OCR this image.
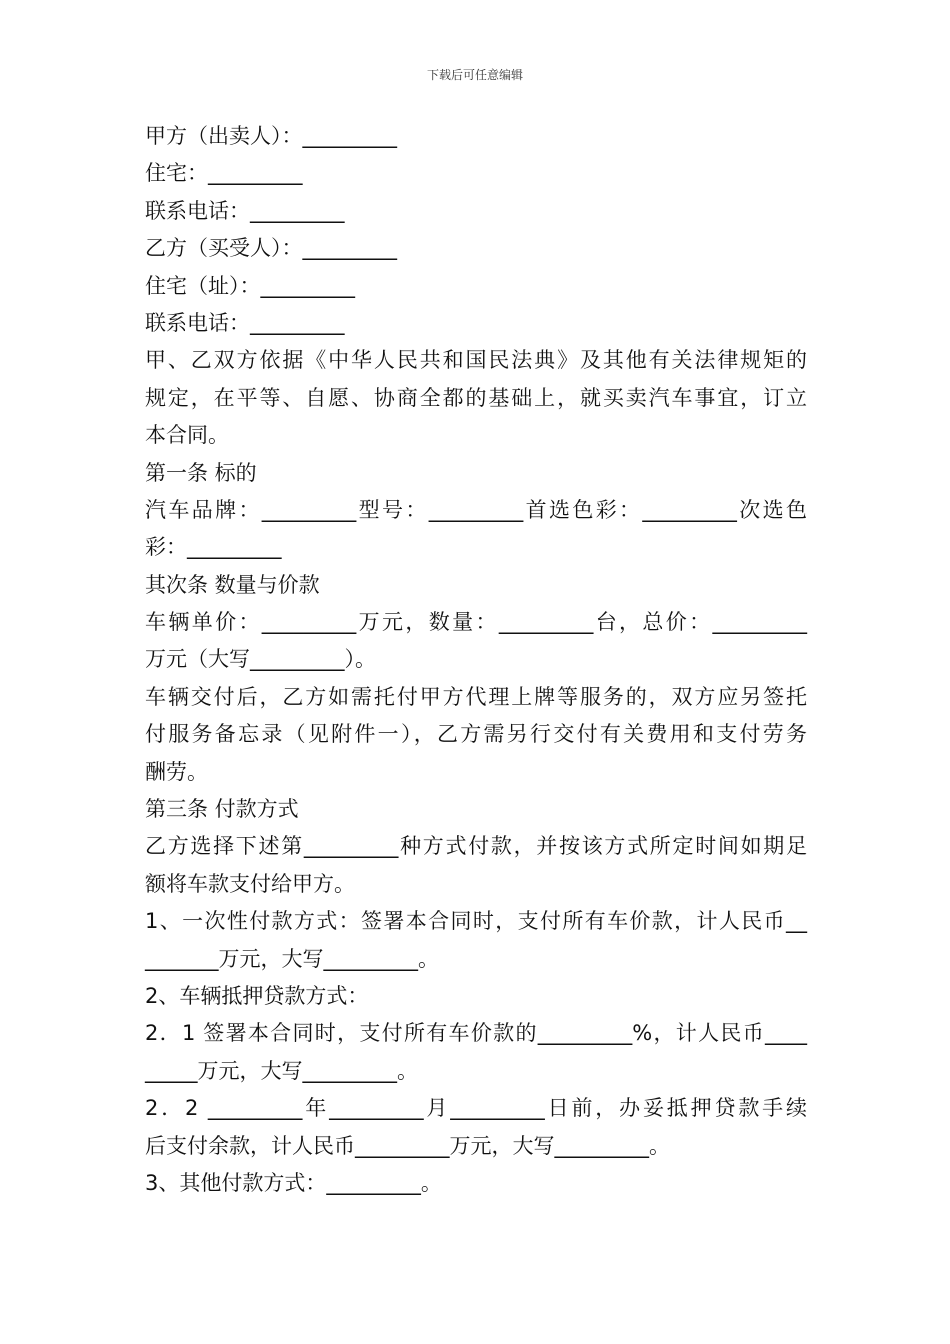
下载后可任意编辑
甲方（出卖人）：_________
住宅：_________
联系电话：_________
乙方（买受人）：_________
住宅（址）：_________
联系电话：_________
甲、乙双方依据《中华人民共和国民法典》及其他有关法律规矩的
规定，在平等、自愿、协商全都的基础上，就买卖汽车事宜，订立
本合同。
第一条 标的
汽车品牌：_________型号：_________首选色彩：_________次选色
彩：_________
其次条 数量与价款
车辆单价：_________万元，数量：_________台，总价：_________
万元（大写_________）。
车辆交付后，乙方如需托付甲方代理上牌等服务的，双方应另签托
付服务备忘录（见附件一），乙方需另行交付有关费用和支付劳务
酬劳。
第三条 付款方式
乙方选择下述第_________种方式付款，并按该方式所定时间如期足
额将车款支付给甲方。
1、一次性付款方式：签署本合同时，支付所有车价款，计人民币__
_______万元，大写_________。
2、车辆抵押贷款方式：
2．1 签署本合同时，支付所有车价款的_________%，计人民币____
_____万元，大写_________。
2．2 _________年_________月_________日前，办妥抵押贷款手续
后支付余款，计人民币_________万元，大写_________。
3、其他付款方式：_________。
